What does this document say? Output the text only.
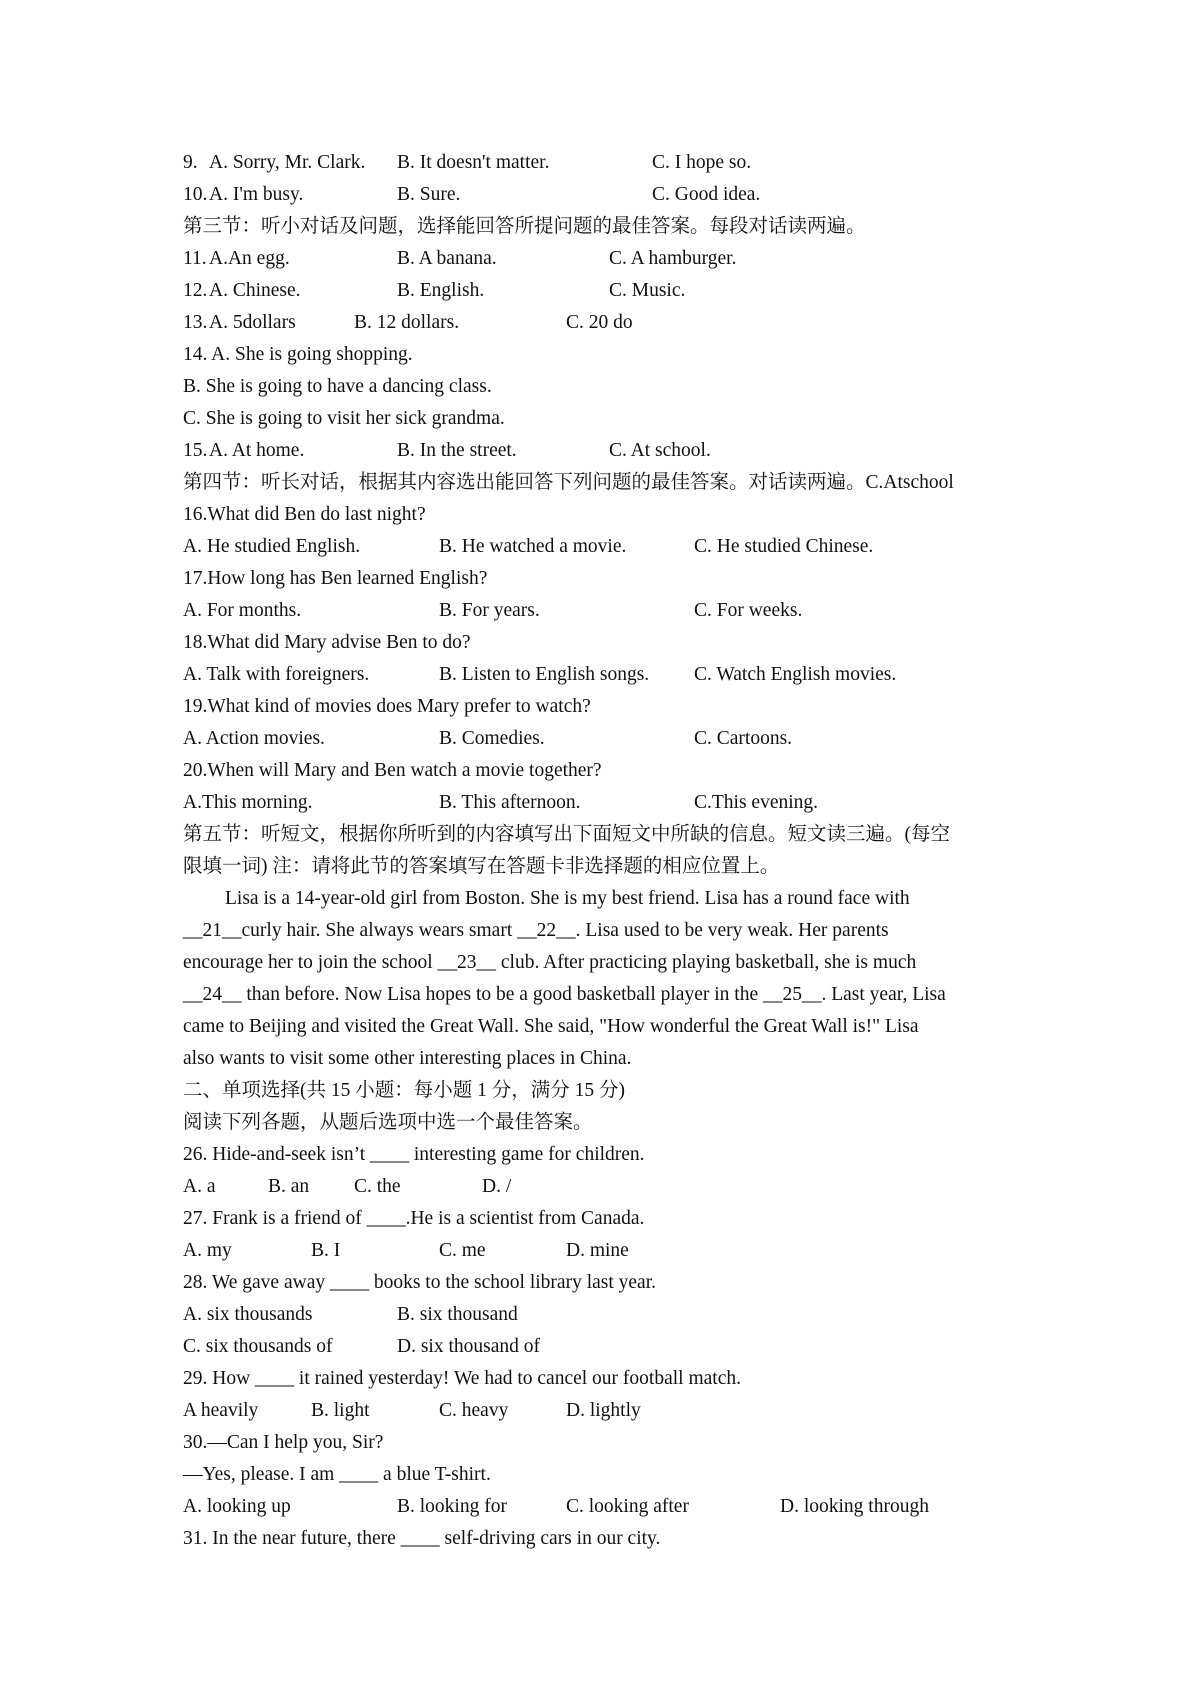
9. A. Sorry, Mr. Clark. B. It doesn't matter.	C. I hope so.
10. A. I'm busy.	B. Sure.	C. Good idea.
第三节：听小对话及问题，选择能回答所提问题的最佳答案。每段对话读两遍。
11. A.An egg.	B. A banana.	C. A hamburger.
12. A. Chinese.	B. English.	C. Music.
13. A. 5dollars	B. 12 dollars.	C. 20 do
14. A. She is going shopping.
B. She is going to have a dancing class.
C. She is going to visit her sick grandma.
15. A. At home.	B. In the street.	C. At school.
第四节：听长对话，根据其内容选出能回答下列问题的最佳答案。对话读两遍。C.Atschool
16.What did Ben do last night?
A. He studied English.	B. He watched a movie.	C. He studied Chinese.
17.How long has Ben learned English?
A. For months.	B. For years.	C. For weeks.
18.What did Mary advise Ben to do?
A. Talk with foreigners.	B. Listen to English songs. C. Watch English movies.
19.What kind of movies does Mary prefer to watch?
A. Action movies.	B. Comedies.	C. Cartoons.
20.When will Mary and Ben watch a movie together?
A.This morning.	B. This afternoon.	C.This evening.
第五节：听短文，根据你所听到的内容填写出下面短文中所缺的信息。短文读三遍。(每空
限填一词) 注：请将此节的答案填写在答题卡非选择题的相应位置上。
Lisa is a 14-year-old girl from Boston. She is my best friend. Lisa has a round face with
__21__curly hair. She always wears smart __22__. Lisa used to be very weak. Her parents
encourage her to join the school __23__ club. After practicing playing basketball, she is much
__24__ than before. Now Lisa hopes to be a good basketball player in the __25__. Last year, Lisa
came to Beijing and visited the Great Wall. She said, "How wonderful the Great Wall is!" Lisa
also wants to visit some other interesting places in China.
二、单项选择(共 15 小题：每小题 1 分，满分 15 分)
阅读下列各题，从题后选项中选一个最佳答案。
26. Hide-and-seek isn’t ____ interesting game for children.
A. a	B. an C. the	D. /
27. Frank is a friend of ____.He is a scientist from Canada.
A. my	B. I	C. me	D. mine
28. We gave away ____ books to the school library last year.
A. six thousands	B. six thousand
C. six thousands of	D. six thousand of
29. How ____ it rained yesterday! We had to cancel our football match.
A heavily	B. light	C. heavy	D. lightly
30.—Can I help you, Sir?
—Yes, please. I am ____ a blue T-shirt.
A. looking up	B. looking for	C. looking after	D. looking through
31. In the near future, there ____ self-driving cars in our city.
